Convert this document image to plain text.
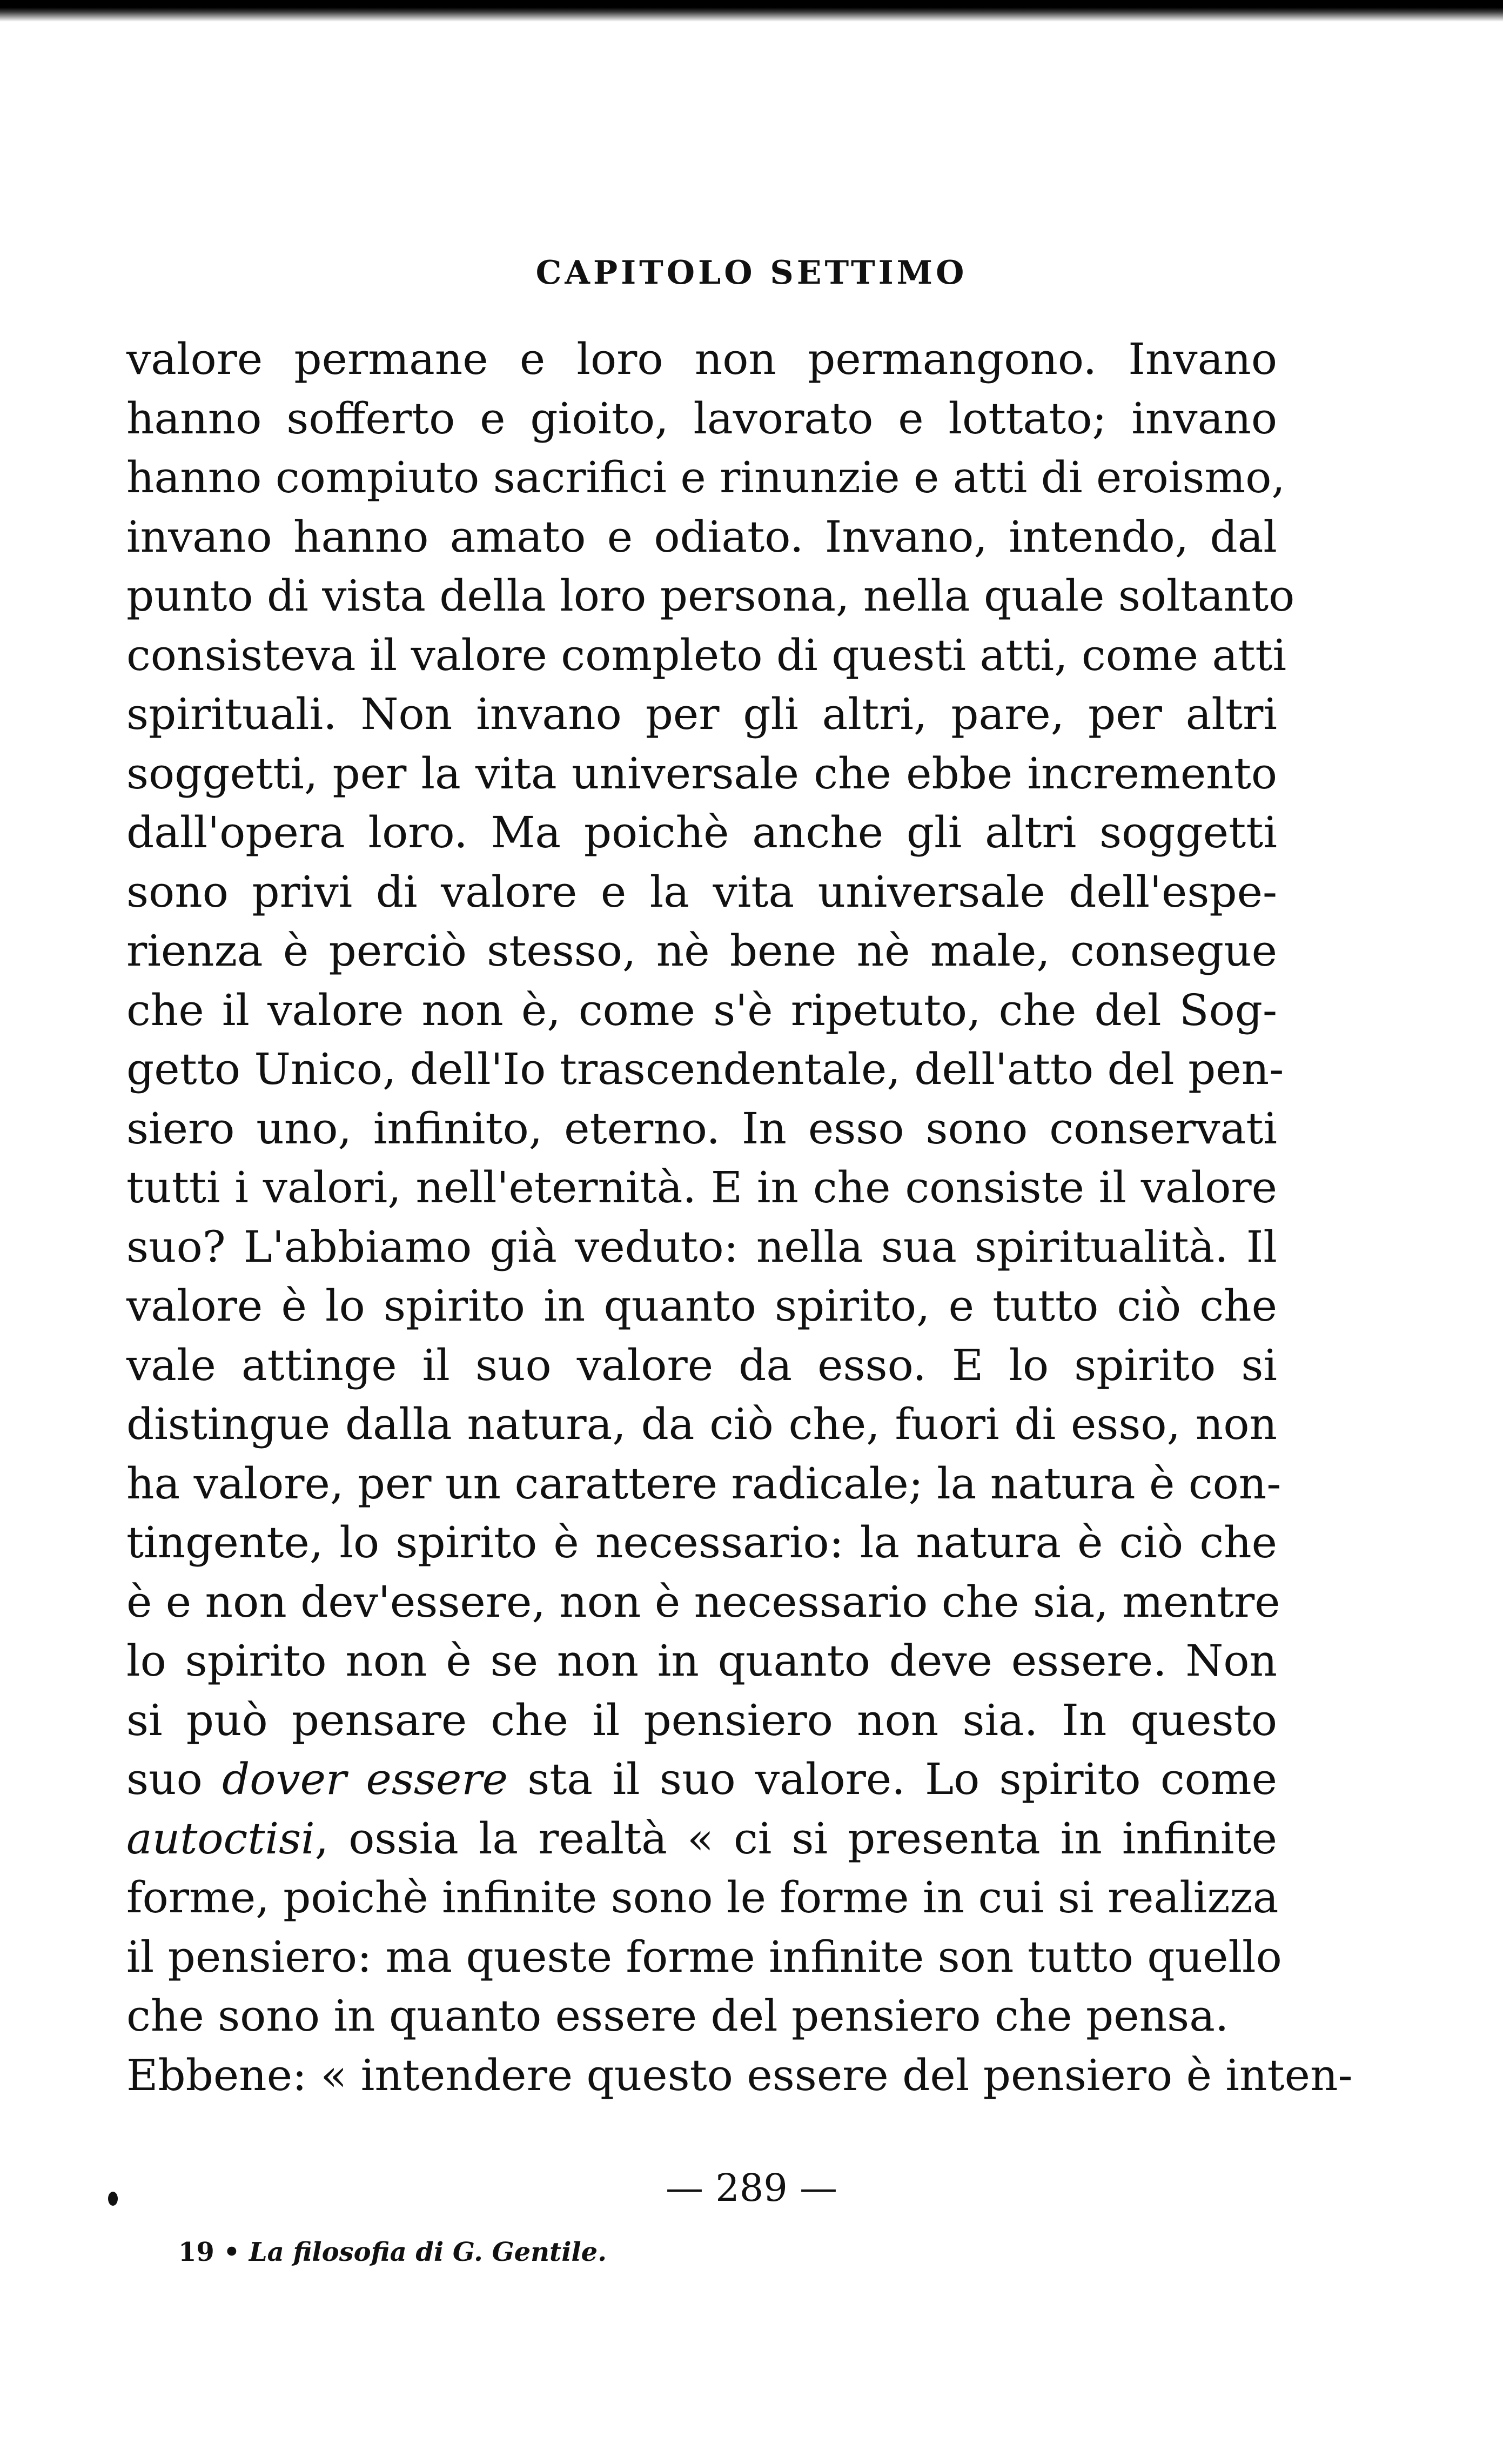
CAPITOLO SETTIMO
valore permane e loro non permangono. Invano
hanno sofferto e gioito, lavorato e lottato; invano
hanno compiuto sacrifici e rinunzie e atti di eroismo,
invano hanno amato e odiato. Invano, intendo, dal
punto di vista della loro persona, nella quale soltanto
consisteva il valore completo di questi atti, come atti
spirituali. Non invano per gli altri, pare, per altri
soggetti, per la vita universale che ebbe incremento
dall'opera loro. Ma poichè anche gli altri soggetti
sono privi di valore e la vita universale dell'espe-
rienza è perciò stesso, nè bene nè male, consegue
che il valore non è, come s'è ripetuto, che del Sog-
getto Unico, dell'Io trascendentale, dell'atto del pen-
siero uno, infinito, eterno. In esso sono conservati
tutti i valori, nell'eternità. E in che consiste il valore
suo? L'abbiamo già veduto: nella sua spiritualità. Il
valore è lo spirito in quanto spirito, e tutto ciò che
vale attinge il suo valore da esso. E lo spirito si
distingue dalla natura, da ciò che, fuori di esso, non
ha valore, per un carattere radicale; la natura è con-
tingente, lo spirito è necessario: la natura è ciò che
è e non dev'essere, non è necessario che sia, mentre
lo spirito non è se non in quanto deve essere. Non
si può pensare che il pensiero non sia. In questo
suo dover essere sta il suo valore. Lo spirito come
autoctisi, ossia la realtà « ci si presenta in infinite
forme, poichè infinite sono le forme in cui si realizza
il pensiero: ma queste forme infinite son tutto quello
che sono in quanto essere del pensiero che pensa.
Ebbene: « intendere questo essere del pensiero è inten-
— 289 —
19 • La filosofia di G. Gentile.
